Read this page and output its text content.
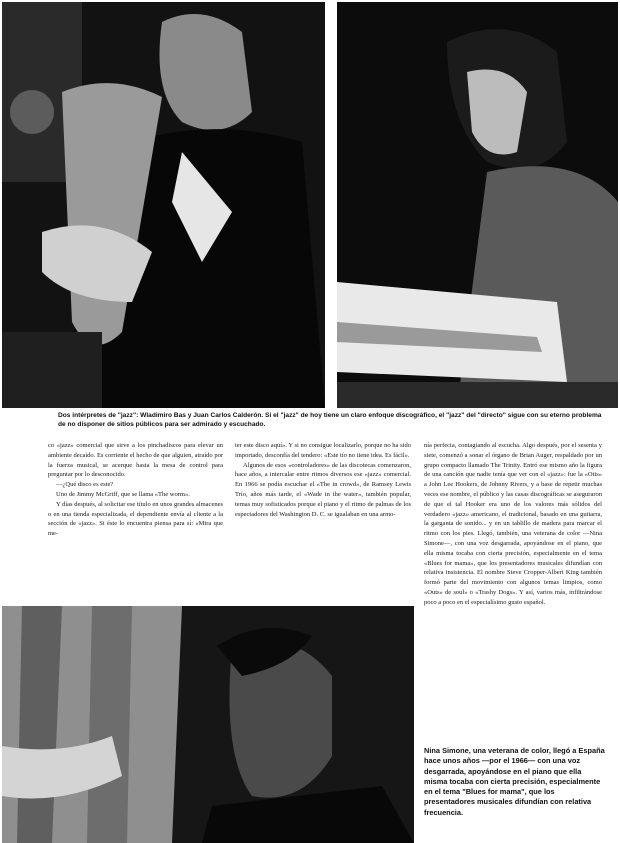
Dos intérpretes de "jazz": Wladimiro Bas y Juan Carlos Calderón. Si el "jazz" de hoy tiene un claro enfoque discográfico, el "jazz" del "directo" sigue con su eterno problema de no disponer de sitios públicos para ser admirado y escuchado.

co «jazz» comercial que sirve a los pinchadiscos para elevar un ambiente decaído. Es corriente el hecho de que alguien, atraído por la fuerza musical, se acerque hasta la mesa de control para preguntar por lo desconocido.

—¿Qué disco es este?

Uno de Jimmy McGriff, que se llama «The worm».

Y días después, al solicitar ese título en unos grandes almacenes o en una tienda especializada, el dependiente envía al cliente a la sección de «jazz». Si éste lo encuentra piensa para sí: «Mira que me-

ter este disco aquí». Y si no consigue localizarlo, porque no ha sido importado, desconfía del tendero: «Este tío no tiene idea. Es fácil».

Algunos de esos «controladores» de las discotecas comenzaron, hace años, a intercalar entre ritmos diversos ese «jazz» comercial. En 1966 se podía escuchar el «The in crowd», de Ramsey Lewis Trío, años más tarde, el «Wade in the water», también popular, temas muy sofisticados porque el piano y el ritmo de palmas de los espectadores del Washington D. C. se igualaban en una armo-

nía perfecta, contagiando al escucha. Algo después, por el sesenta y siete, comenzó a sonar el órgano de Brian Auger, respaldado por un grupo compacto llamado The Trinity. Entró ese mismo año la figura de una canción que nadie tenía que ver con el «jazz»: fue la «Otis» a John Lee Hookers, de Johnny Rivers, y a base de repetir muchas veces ese nombre, el público y las casas discográficas se aseguraron de que el tal Hooker era uno de los valores más sólidos del verdadero «jazz» americano, el tradicional, basado en una guitarra, la garganta de sonido... y en un tablillo de madera para marcar el ritmo con los pies. Llegó, también, una veterana de color —Nina Simone—, con una voz desgarrada, apoyándose en el piano, que ella misma tocaba con cierta precisión, especialmente en el tema «Blues for mama», que los presentadores musicales difundían con relativa insistencia. El nombre Steve Cropper-Albert King también formó parte del movimiento con algunos temas limpios, como «Outs» de soul» o «Trashy Dogs». Y así, varios más, infiltrándose poco a poco en el especialísimo gusto español.

Nina Simone, una veterana de color, llegó a España hace unos años —por el 1966— con una voz desgarrada, apoyándose en el piano que ella misma tocaba con cierta precisión, especialmente en el tema "Blues for mama", que los presentadores musicales difundían con relativa frecuencia.
